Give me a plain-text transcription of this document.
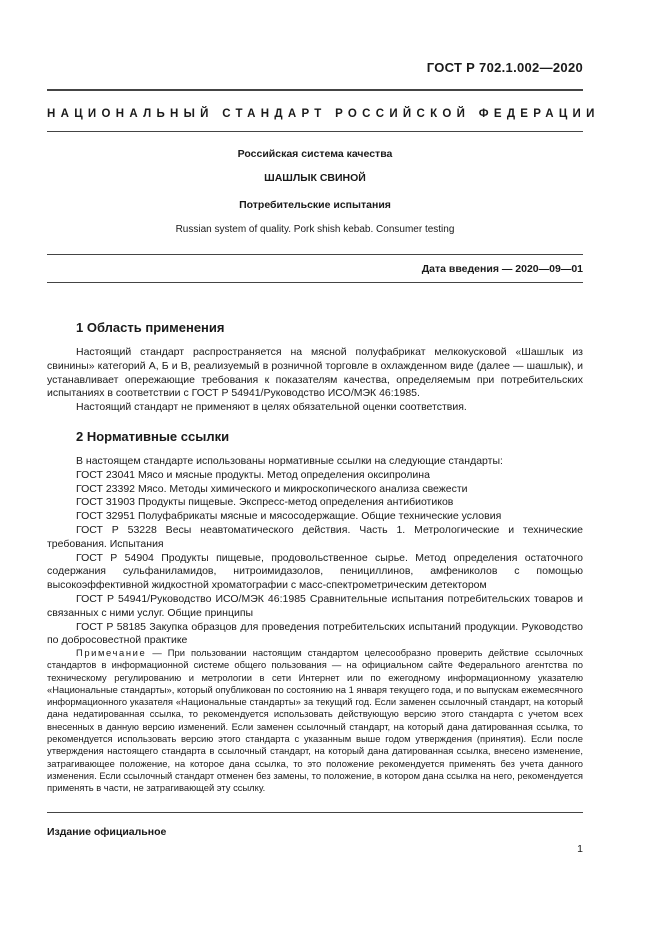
ГОСТ Р 702.1.002—2020
НАЦИОНАЛЬНЫЙ СТАНДАРТ РОССИЙСКОЙ ФЕДЕРАЦИИ
Российская система качества
ШАШЛЫК СВИНОЙ
Потребительские испытания
Russian system of quality. Pork shish kebab. Consumer testing
Дата введения — 2020—09—01
1 Область применения

Настоящий стандарт распространяется на мясной полуфабрикат мелкокусковой «Шашлык из свинины» категорий А, Б и В, реализуемый в розничной торговле в охлажденном виде (далее — шашлык), и устанавливает опережающие требования к показателям качества, определяемым при потребительских испытаниях в соответствии с ГОСТ Р 54941/Руководство ИСО/МЭК 46:1985.

Настоящий стандарт не применяют в целях обязательной оценки соответствия.

2 Нормативные ссылки

В настоящем стандарте использованы нормативные ссылки на следующие стандарты:

ГОСТ 23041 Мясо и мясные продукты. Метод определения оксипролина

ГОСТ 23392 Мясо. Методы химического и микроскопического анализа свежести

ГОСТ 31903 Продукты пищевые. Экспресс-метод определения антибиотиков

ГОСТ 32951 Полуфабрикаты мясные и мясосодержащие. Общие технические условия

ГОСТ Р 53228 Весы неавтоматического действия. Часть 1. Метрологические и технические требования. Испытания

ГОСТ Р 54904 Продукты пищевые, продовольственное сырье. Метод определения остаточного содержания сульфаниламидов, нитроимидазолов, пенициллинов, амфениколов с помощью высокоэффективной жидкостной хроматографии с масс-спектрометрическим детектором

ГОСТ Р 54941/Руководство ИСО/МЭК 46:1985 Сравнительные испытания потребительских товаров и связанных с ними услуг. Общие принципы

ГОСТ Р 58185 Закупка образцов для проведения потребительских испытаний продукции. Руководство по добросовестной практике

Примечание — При пользовании настоящим стандартом целесообразно проверить действие ссылочных стандартов в информационной системе общего пользования — на официальном сайте Федерального агентства по техническому регулированию и метрологии в сети Интернет или по ежегодному информационному указателю «Национальные стандарты», который опубликован по состоянию на 1 января текущего года, и по выпускам ежемесячного информационного указателя «Национальные стандарты» за текущий год. Если заменен ссылочный стандарт, на который дана недатированная ссылка, то рекомендуется использовать действующую версию этого стандарта с учетом всех внесенных в данную версию изменений. Если заменен ссылочный стандарт, на который дана датированная ссылка, то рекомендуется использовать версию этого стандарта с указанным выше годом утверждения (принятия). Если после утверждения настоящего стандарта в ссылочный стандарт, на который дана датированная ссылка, внесено изменение, затрагивающее положение, на которое дана ссылка, то это положение рекомендуется применять без учета данного изменения. Если ссылочный стандарт отменен без замены, то положение, в котором дана ссылка на него, рекомендуется применять в части, не затрагивающей эту ссылку.

Издание официальное
1
